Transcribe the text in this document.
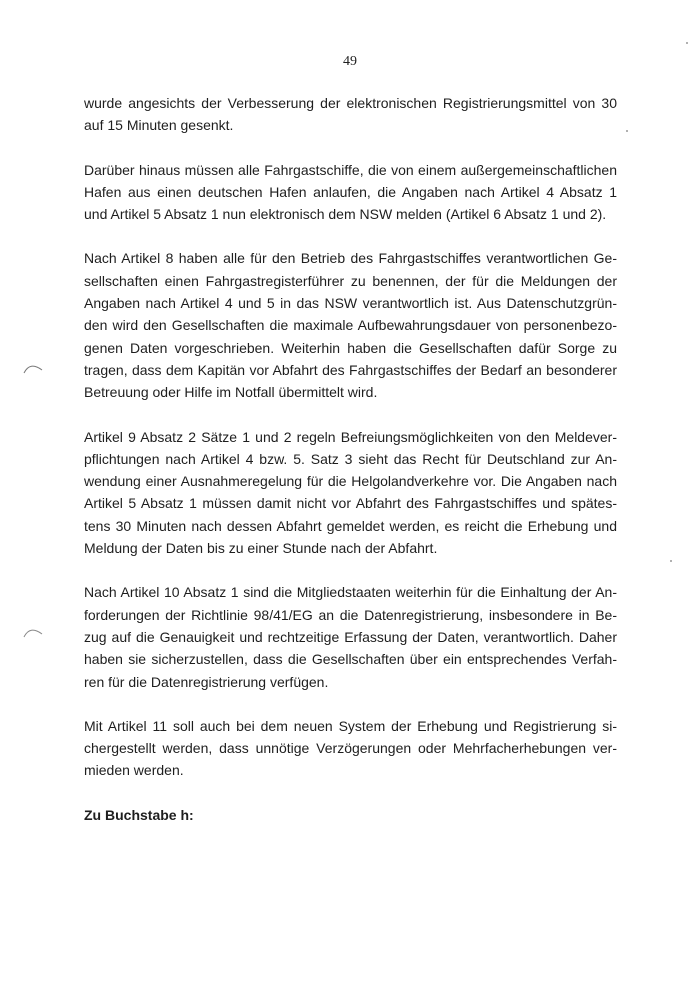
49
wurde angesichts der Verbesserung der elektronischen Registrierungsmittel von 30
auf 15 Minuten gesenkt.
Darüber hinaus müssen alle Fahrgastschiffe, die von einem außergemeinschaftlichen
Hafen aus einen deutschen Hafen anlaufen, die Angaben nach Artikel 4 Absatz 1
und Artikel 5 Absatz 1 nun elektronisch dem NSW melden (Artikel 6 Absatz 1 und 2).
Nach Artikel 8 haben alle für den Betrieb des Fahrgastschiffes verantwortlichen Ge-
sellschaften einen Fahrgastregisterführer zu benennen, der für die Meldungen der
Angaben nach Artikel 4 und 5 in das NSW verantwortlich ist. Aus Datenschutzgrün-
den wird den Gesellschaften die maximale Aufbewahrungsdauer von personenbezo-
genen Daten vorgeschrieben. Weiterhin haben die Gesellschaften dafür Sorge zu
tragen, dass dem Kapitän vor Abfahrt des Fahrgastschiffes der Bedarf an besonderer
Betreuung oder Hilfe im Notfall übermittelt wird.
Artikel 9 Absatz 2 Sätze 1 und 2 regeln Befreiungsmöglichkeiten von den Meldever-
pflichtungen nach Artikel 4 bzw. 5. Satz 3 sieht das Recht für Deutschland zur An-
wendung einer Ausnahmeregelung für die Helgolandverkehre vor. Die Angaben nach
Artikel 5 Absatz 1 müssen damit nicht vor Abfahrt des Fahrgastschiffes und spätes-
tens 30 Minuten nach dessen Abfahrt gemeldet werden, es reicht die Erhebung und
Meldung der Daten bis zu einer Stunde nach der Abfahrt.
Nach Artikel 10 Absatz 1 sind die Mitgliedstaaten weiterhin für die Einhaltung der An-
forderungen der Richtlinie 98/41/EG an die Datenregistrierung, insbesondere in Be-
zug auf die Genauigkeit und rechtzeitige Erfassung der Daten, verantwortlich. Daher
haben sie sicherzustellen, dass die Gesellschaften über ein entsprechendes Verfah-
ren für die Datenregistrierung verfügen.
Mit Artikel 11 soll auch bei dem neuen System der Erhebung und Registrierung si-
chergestellt werden, dass unnötige Verzögerungen oder Mehrfacherhebungen ver-
mieden werden.
Zu Buchstabe h:
